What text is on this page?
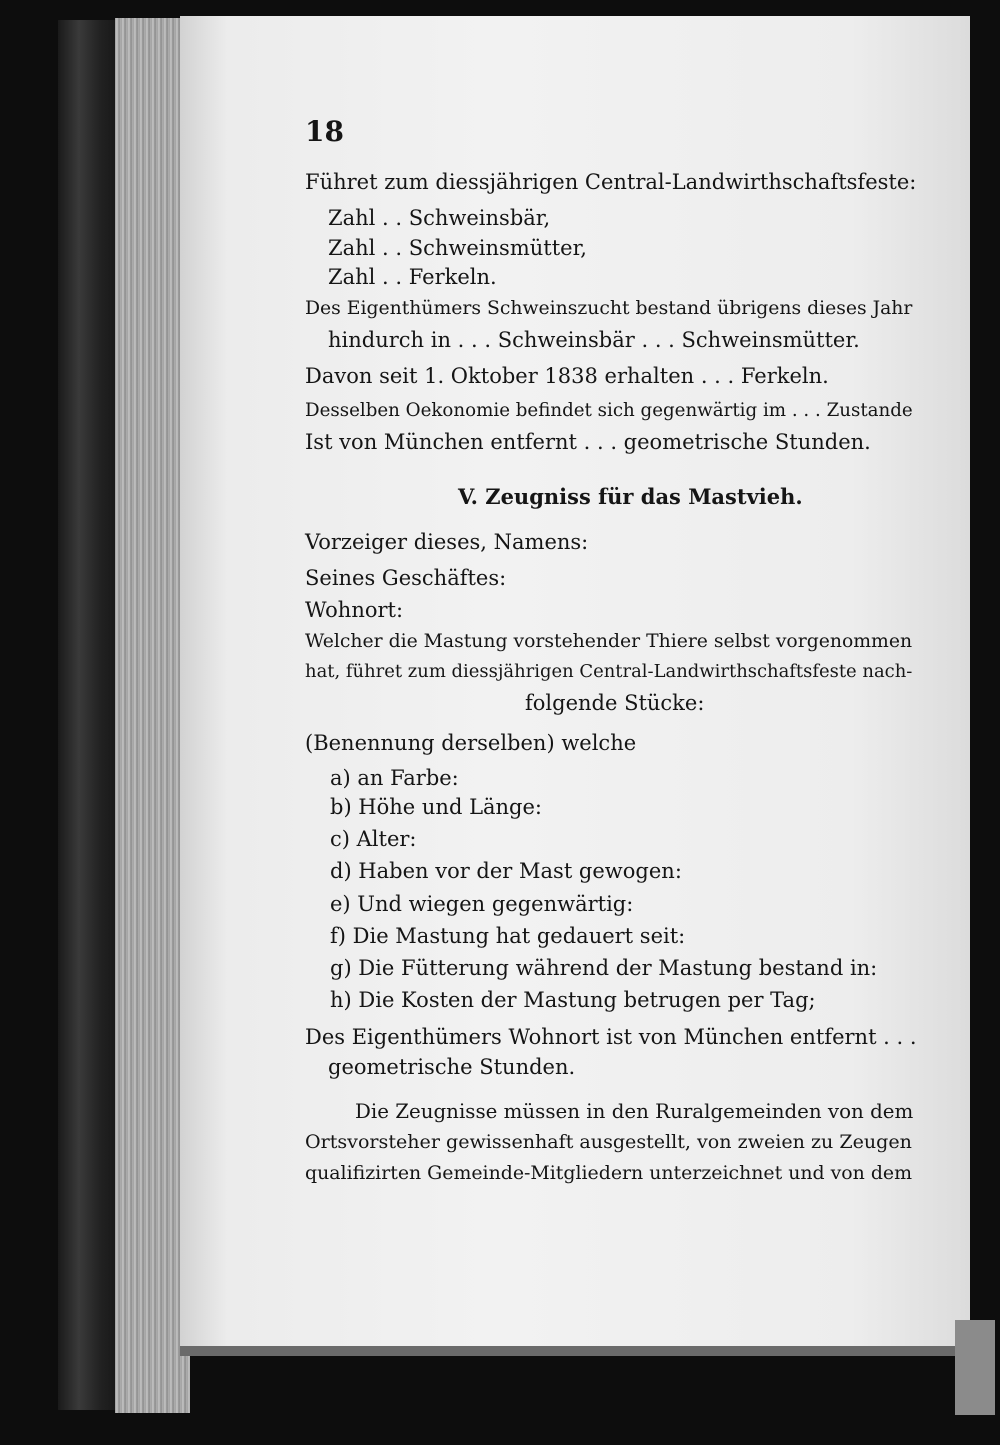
18
Führet zum diessjährigen Central-Landwirthschaftsfeste:
Zahl . . Schweinsbär,
Zahl . . Schweinsmütter,
Zahl . . Ferkeln.
Des Eigenthümers Schweinszucht bestand übrigens dieses Jahr
hindurch in . . . Schweinsbär . . . Schweinsmütter.
Davon seit 1. Oktober 1838 erhalten . . . Ferkeln.
Desselben Oekonomie befindet sich gegenwärtig im . . . Zustande
Ist von München entfernt . . . geometrische Stunden.
V. Zeugniss für das Mastvieh.
Vorzeiger dieses, Namens:
Seines Geschäftes:
Wohnort:
Welcher die Mastung vorstehender Thiere selbst vorgenommen
hat, führet zum diessjährigen Central-Landwirthschaftsfeste nach-
folgende Stücke:
(Benennung derselben) welche
a) an Farbe:
b) Höhe und Länge:
c) Alter:
d) Haben vor der Mast gewogen:
e) Und wiegen gegenwärtig:
f) Die Mastung hat gedauert seit:
g) Die Fütterung während der Mastung bestand in:
h) Die Kosten der Mastung betrugen per Tag;
Des Eigenthümers Wohnort ist von München entfernt . . .
geometrische Stunden.
Die Zeugnisse müssen in den Ruralgemeinden von dem
Ortsvorsteher gewissenhaft ausgestellt, von zweien zu Zeugen
qualifizirten Gemeinde-Mitgliedern unterzeichnet und von dem
